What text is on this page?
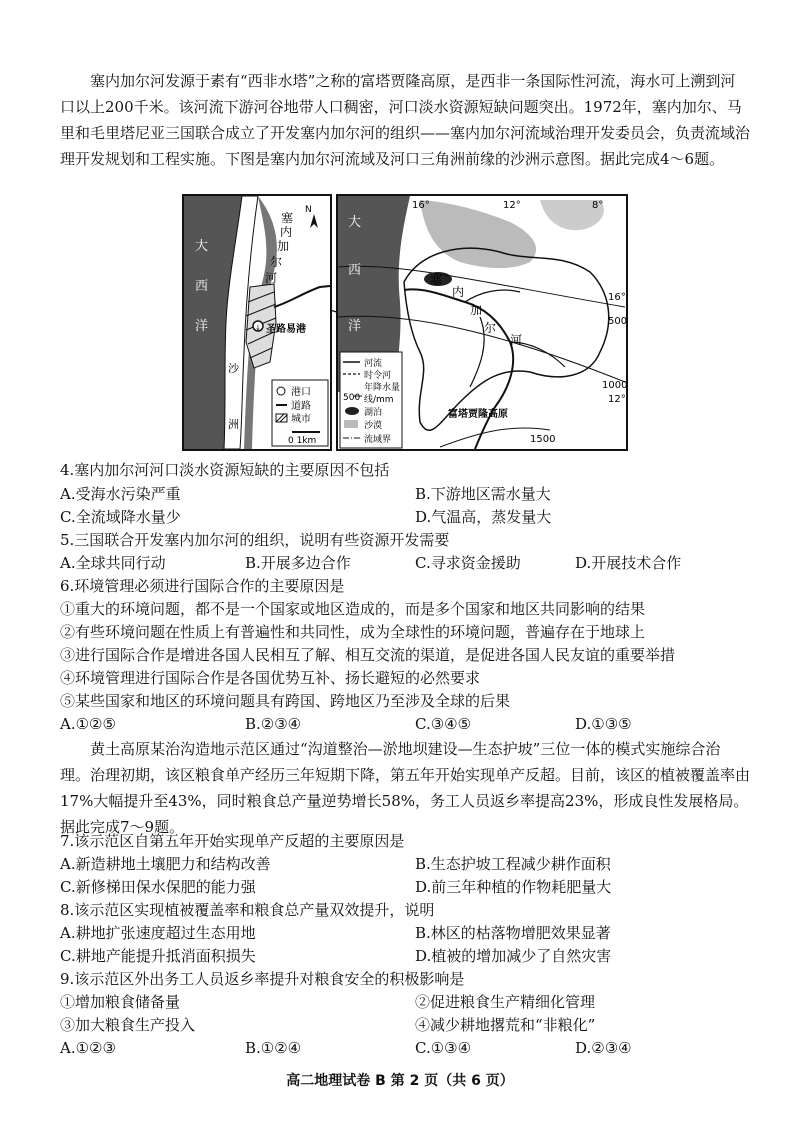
塞内加尔河发源于素有“西非水塔”之称的富塔贾隆高原，是西非一条国际性河流，海水可上溯到河口以上200千米。该河流下游河谷地带人口稠密，河口淡水资源短缺问题突出。1972年，塞内加尔、马里和毛里塔尼亚三国联合成立了开发塞内加尔河的组织——塞内加尔河流域治理开发委员会，负责流域治理开发规划和工程实施。下图是塞内加尔河流域及河口三角洲前缘的沙洲示意图。据此完成4～6题。

↓
大
西
洋
塞
内
加
尔
河
圣路易港
沙
洲
N
港口
道路
城市
0 1km
16°	12°	8°
16°
12°
500
1000
1500
大
西
洋
塞
内
加
尔
河
富塔贾隆高原
河流
时令河
年降水量
500 线/mm
湖泊
沙漠
流域界
4.塞内加尔河河口淡水资源短缺的主要原因不包括
A.受海水污染严重	B.下游地区需水量大
C.全流域降水量少	D.气温高，蒸发量大
5.三国联合开发塞内加尔河的组织，说明有些资源开发需要
A.全球共同行动	B.开展多边合作	C.寻求资金援助	D.开展技术合作
6.环境管理必须进行国际合作的主要原因是
①重大的环境问题，都不是一个国家或地区造成的，而是多个国家和地区共同影响的结果
②有些环境问题在性质上有普遍性和共同性，成为全球性的环境问题，普遍存在于地球上
③进行国际合作是增进各国人民相互了解、相互交流的渠道，是促进各国人民友谊的重要举措
④环境管理进行国际合作是各国优势互补、扬长避短的必然要求
⑤某些国家和地区的环境问题具有跨国、跨地区乃至涉及全球的后果
A.①②⑤	B.②③④	C.③④⑤	D.①③⑤

黄土高原某治沟造地示范区通过“沟道整治—淤地坝建设—生态护坡”三位一体的模式实施综合治理。治理初期，该区粮食单产经历三年短期下降，第五年开始实现单产反超。目前，该区的植被覆盖率由17%大幅提升至43%，同时粮食总产量逆势增长58%，务工人员返乡率提高23%，形成良性发展格局。据此完成7～9题。

7.该示范区自第五年开始实现单产反超的主要原因是
A.新造耕地土壤肥力和结构改善	B.生态护坡工程减少耕作面积
C.新修梯田保水保肥的能力强	D.前三年种植的作物耗肥量大
8.该示范区实现植被覆盖率和粮食总产量双效提升，说明
A.耕地扩张速度超过生态用地	B.林区的枯落物增肥效果显著
C.耕地产能提升抵消面积损失	D.植被的增加减少了自然灾害
9.该示范区外出务工人员返乡率提升对粮食安全的积极影响是
①增加粮食储备量	②促进粮食生产精细化管理
③加大粮食生产投入	④减少耕地撂荒和“非粮化”
A.①②③	B.①②④	C.①③④	D.②③④
高二地理试卷 B 第 2 页（共 6 页）
